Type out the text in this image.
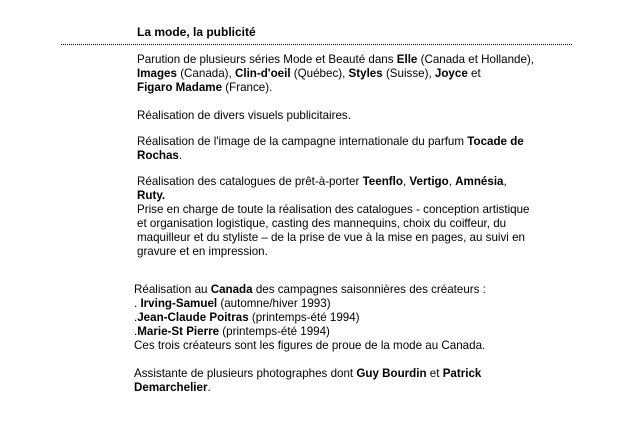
La mode, la publicité

Parution de plusieurs séries Mode et Beauté dans Elle (Canada et Hollande),
Images (Canada), Clin-d'oeil (Québec), Styles (Suisse), Joyce et
Figaro Madame (France).

Réalisation de divers visuels publicitaires.

Réalisation de l'image de la campagne internationale du parfum Tocade de
Rochas.

Réalisation des catalogues de prêt-à-porter Teenflo, Vertigo, Amnésia,
Ruty.
Prise en charge de toute la réalisation des catalogues - conception artistique
et organisation logistique, casting des mannequins, choix du coiffeur, du
maquilleur et du styliste – de la prise de vue à la mise en pages, au suivi en
gravure et en impression.

Réalisation au Canada des campagnes saisonnières des créateurs :
. Irving-Samuel (automne/hiver 1993)
.Jean-Claude Poitras (printemps-été 1994)
.Marie-St Pierre (printemps-été 1994)
Ces trois créateurs sont les figures de proue de la mode au Canada.

Assistante de plusieurs photographes dont Guy Bourdin et Patrick
Demarchelier.
